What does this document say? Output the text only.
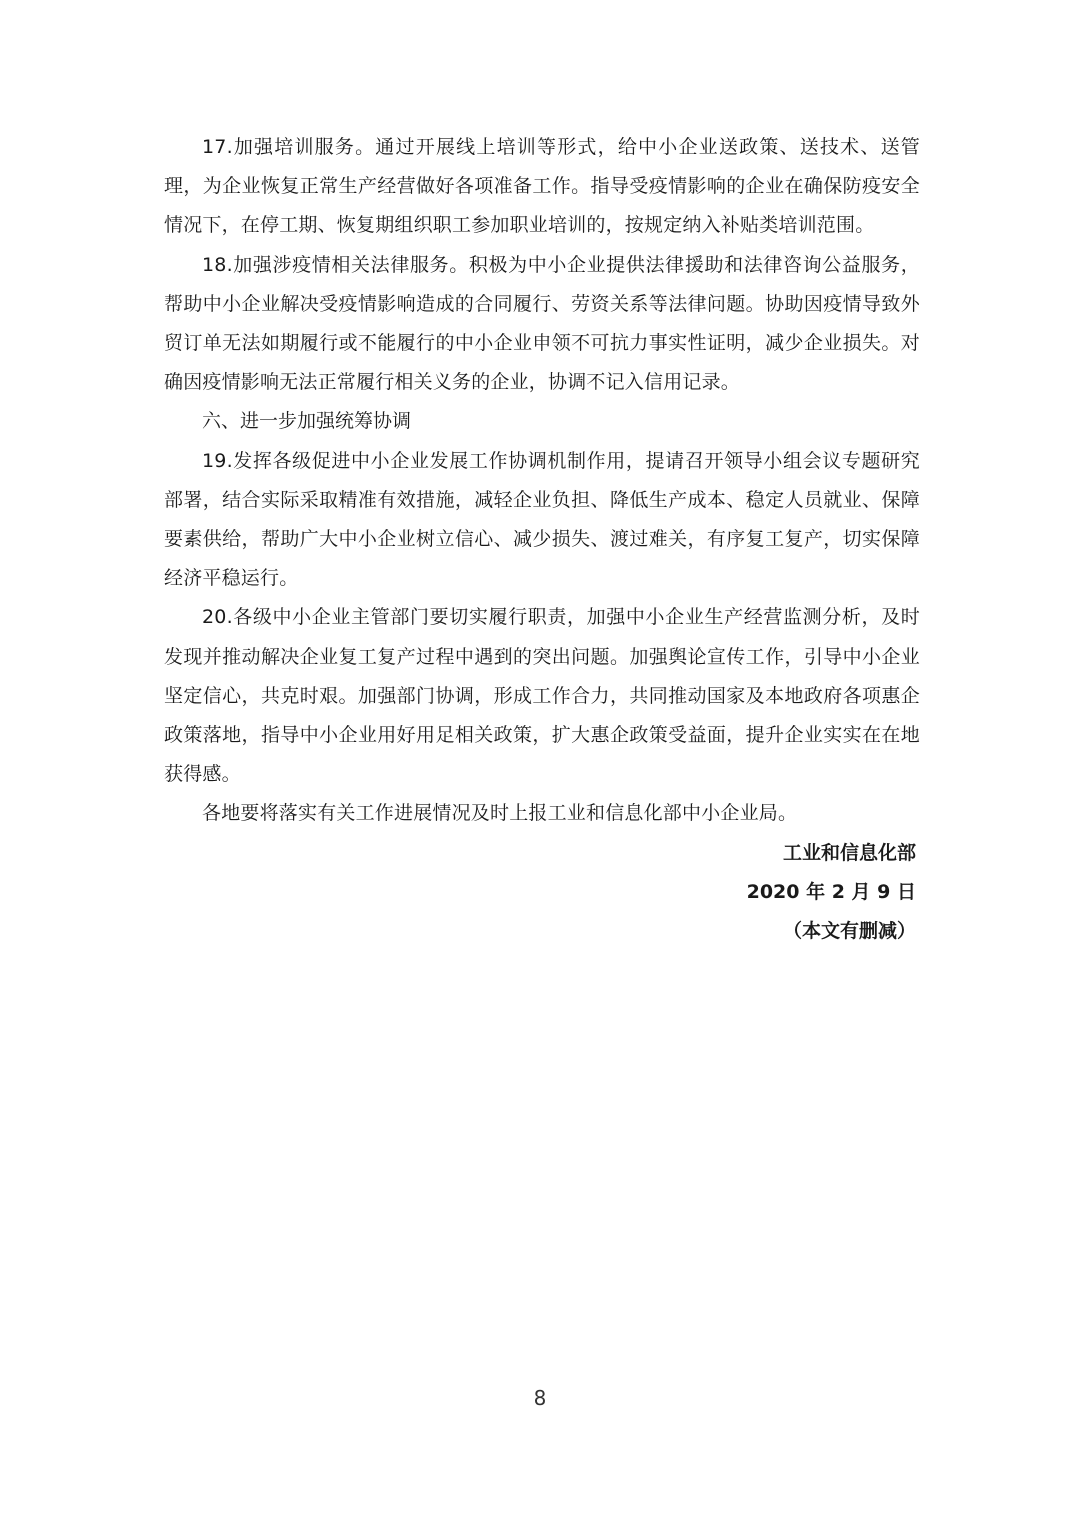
17.加强培训服务。通过开展线上培训等形式，给中小企业送政策、送技术、送管理，为企业恢复正常生产经营做好各项准备工作。指导受疫情影响的企业在确保防疫安全情况下，在停工期、恢复期组织职工参加职业培训的，按规定纳入补贴类培训范围。

18.加强涉疫情相关法律服务。积极为中小企业提供法律援助和法律咨询公益服务，帮助中小企业解决受疫情影响造成的合同履行、劳资关系等法律问题。协助因疫情导致外贸订单无法如期履行或不能履行的中小企业申领不可抗力事实性证明，减少企业损失。对确因疫情影响无法正常履行相关义务的企业，协调不记入信用记录。

六、进一步加强统筹协调

19.发挥各级促进中小企业发展工作协调机制作用，提请召开领导小组会议专题研究部署，结合实际采取精准有效措施，减轻企业负担、降低生产成本、稳定人员就业、保障要素供给，帮助广大中小企业树立信心、减少损失、渡过难关，有序复工复产，切实保障经济平稳运行。

20.各级中小企业主管部门要切实履行职责，加强中小企业生产经营监测分析，及时发现并推动解决企业复工复产过程中遇到的突出问题。加强舆论宣传工作，引导中小企业坚定信心，共克时艰。加强部门协调，形成工作合力，共同推动国家及本地政府各项惠企政策落地，指导中小企业用好用足相关政策，扩大惠企政策受益面，提升企业实实在在地获得感。

各地要将落实有关工作进展情况及时上报工业和信息化部中小企业局。

工业和信息化部
2020 年 2 月 9 日
（本文有删减）
8
